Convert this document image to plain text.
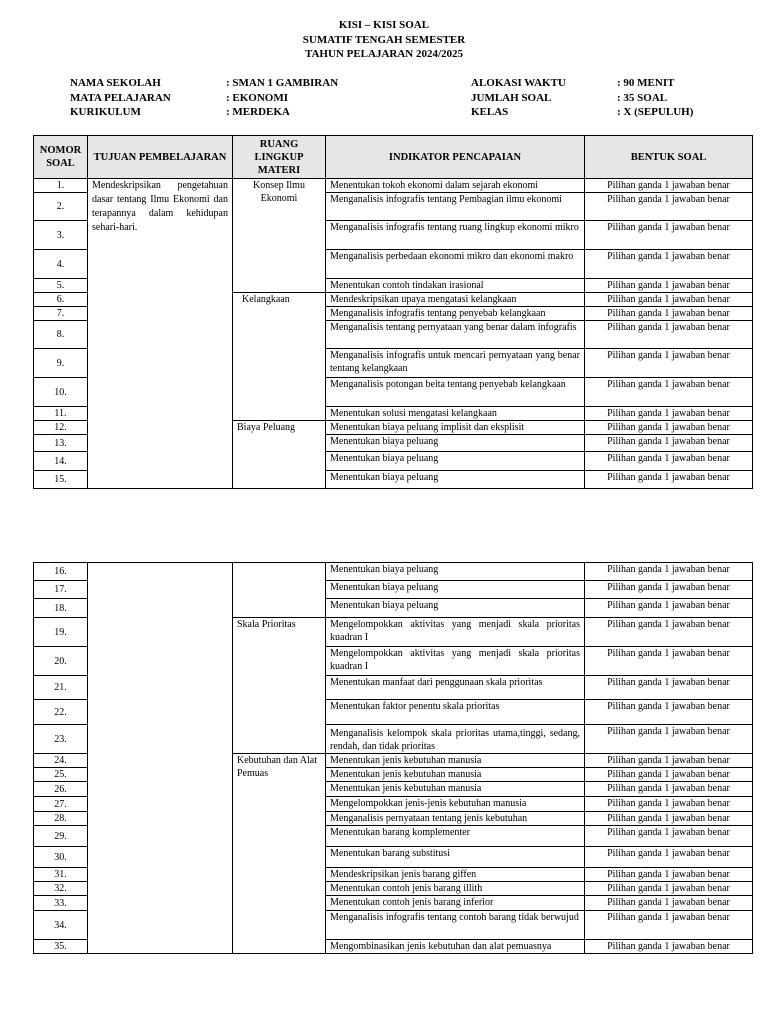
KISI – KISI SOAL
SUMATIF TENGAH SEMESTER
TAHUN PELAJARAN 2024/2025
NAMA SEKOLAH	: SMAN 1 GAMBIRAN
MATA PELAJARAN	: EKONOMI
KURIKULUM	: MERDEKA
ALOKASI WAKTU	: 90 MENIT
JUMLAH SOAL	: 35 SOAL
KELAS	: X (SEPULUH)
NOMOR SOAL	TUJUAN PEMBELAJARAN	RUANG LINGKUP MATERI	INDIKATOR PENCAPAIAN	BENTUK SOAL
1.	Mendeskripsikan pengetahuan dasar tentang Ilmu Ekonomi dan terapannya dalam kehidupan sehari-hari.	Konsep Ilmu Ekonomi	Menentukan tokoh ekonomi dalam sejarah ekonomi	Pilihan ganda 1 jawaban benar
2.			Menganalisis infografis tentang Pembagian ilmu ekonomi	Pilihan ganda 1 jawaban benar
3.			Menganalisis infografis tentang ruang lingkup ekonomi mikro	Pilihan ganda 1 jawaban benar
4.			Menganalisis perbedaan ekonomi mikro dan ekonomi makro	Pilihan ganda 1 jawaban benar
5.			Menentukan contoh tindakan irasional	Pilihan ganda 1 jawaban benar
6.		Kelangkaan	Mendeskripsikan upaya mengatasi kelangkaan	Pilihan ganda 1 jawaban benar
7.			Menganalisis infografis tentang penyebab kelangkaan	Pilihan ganda 1 jawaban benar
8.			Menganalisis tentang pernyataan yang benar dalam infografis	Pilihan ganda 1 jawaban benar
9.			Menganalisis infografis untuk mencari pernyataan yang benar tentang kelangkaan	Pilihan ganda 1 jawaban benar
10.			Menganalisis potongan beita tentang penyebab kelangkaan	Pilihan ganda 1 jawaban benar
11.			Menentukan solusi mengatasi kelangkaan	Pilihan ganda 1 jawaban benar
12.		Biaya Peluang	Menentukan biaya peluang implisit dan eksplisit	Pilihan ganda 1 jawaban benar
13.			Menentukan biaya peluang	Pilihan ganda 1 jawaban benar
14.			Menentukan biaya peluang	Pilihan ganda 1 jawaban benar
15.			Menentukan biaya peluang	Pilihan ganda 1 jawaban benar
16.			Menentukan biaya peluang	Pilihan ganda 1 jawaban benar
17.			Menentukan biaya peluang	Pilihan ganda 1 jawaban benar
18.			Menentukan biaya peluang	Pilihan ganda 1 jawaban benar
19.		Skala Prioritas	Mengelompokkan aktivitas yang menjadi skala prioritas kuadran I	Pilihan ganda 1 jawaban benar
20.			Mengelompokkan aktivitas yang menjadi skala prioritas kuadran I	Pilihan ganda 1 jawaban benar
21.			Menentukan manfaat dari penggunaan skala prioritas	Pilihan ganda 1 jawaban benar
22.			Menentukan faktor penentu skala prioritas	Pilihan ganda 1 jawaban benar
23.			Menganalisis kelompok skala prioritas utama,tinggi, sedang, rendah, dan tidak prioritas	Pilihan ganda 1 jawaban benar
24.		Kebutuhan dan Alat Pemuas	Menentukan jenis kebutuhan manusia	Pilihan ganda 1 jawaban benar
25.			Menentukan jenis kebutuhan manusia	Pilihan ganda 1 jawaban benar
26.			Menentukan jenis kebutuhan manusia	Pilihan ganda 1 jawaban benar
27.			Mengelompokkan jenis-jenis kebutuhan manusia	Pilihan ganda 1 jawaban benar
28.			Menganalisis pernyataan tentang jenis kebutuhan	Pilihan ganda 1 jawaban benar
29.			Menentukan barang komplementer	Pilihan ganda 1 jawaban benar
30.			Menentukan barang substitusi	Pilihan ganda 1 jawaban benar
31.			Mendeskripsikan jenis barang giffen	Pilihan ganda 1 jawaban benar
32.			Menentukan contoh jenis barang illith	Pilihan ganda 1 jawaban benar
33.			Menentukan contoh jenis barang inferior	Pilihan ganda 1 jawaban benar
34.			Menganalisis infografis tentang contoh barang tidak berwujud	Pilihan ganda 1 jawaban benar
35.			Mengombinasikan jenis kebutuhan dan alat pemuasnya	Pilihan ganda 1 jawaban benar
